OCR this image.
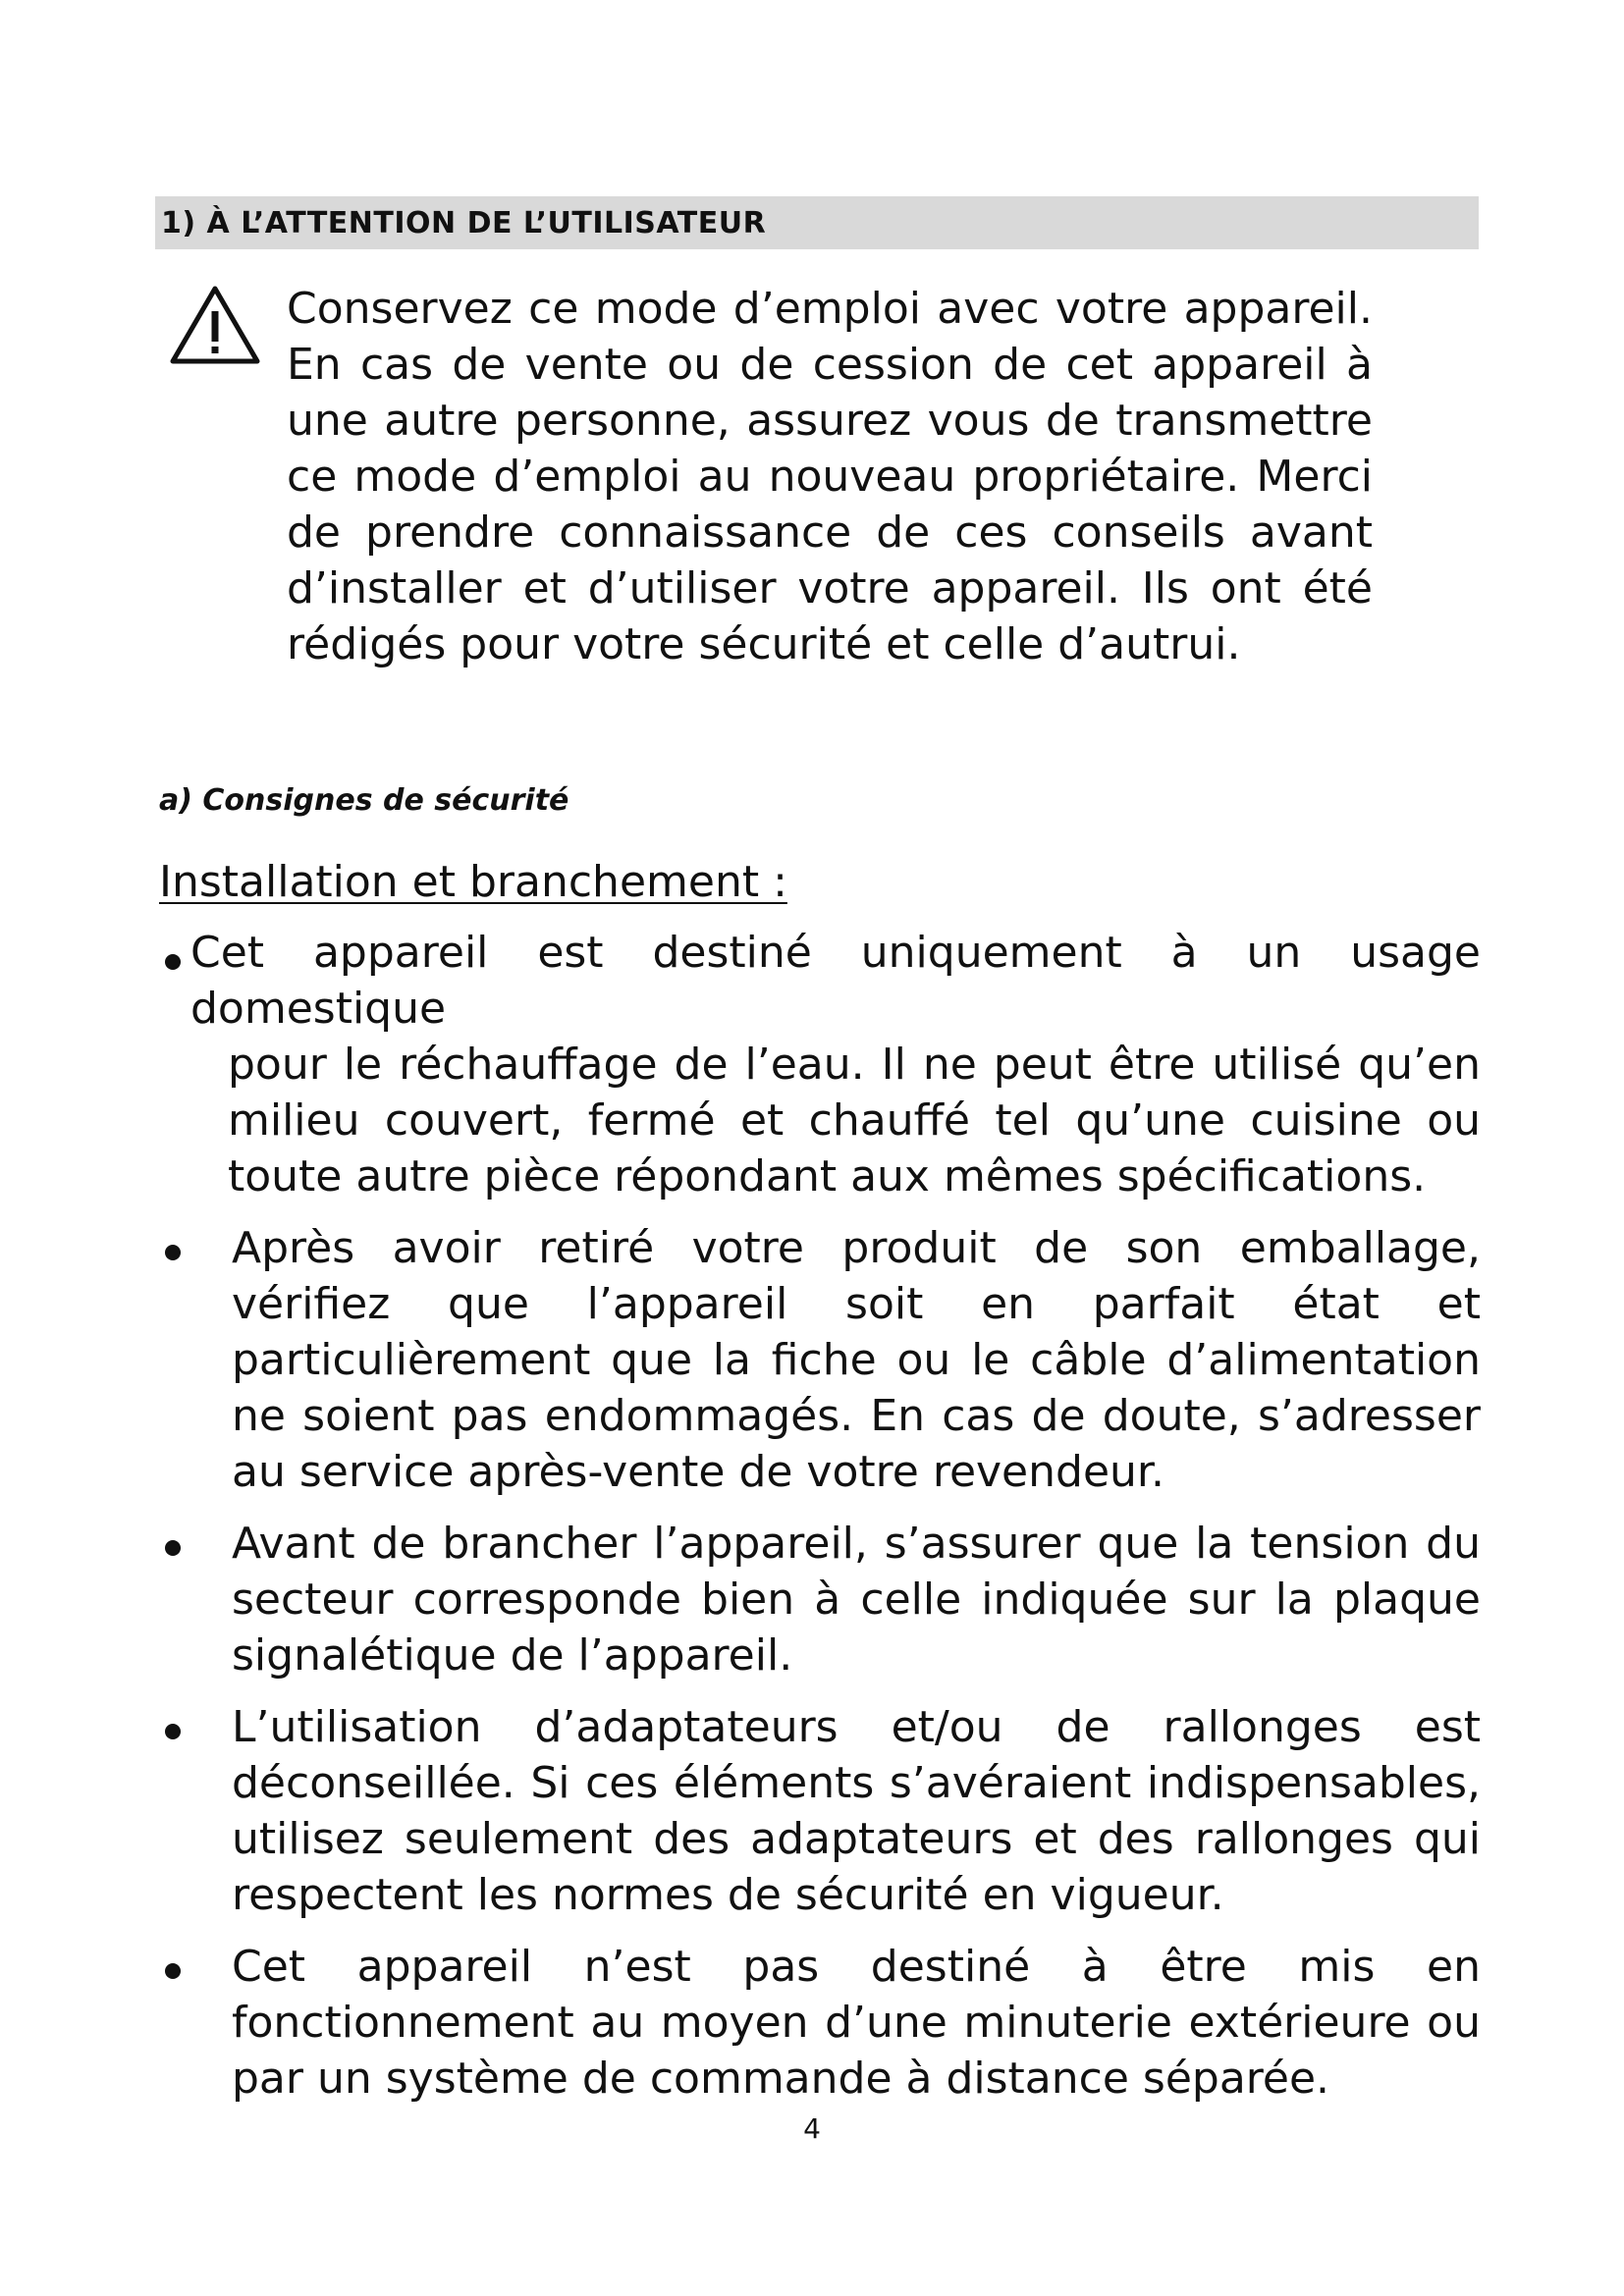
1) À L’ATTENTION DE L’UTILISATEUR
Conservez ce mode d’emploi avec votre appareil. En cas de vente ou de cession de cet appareil à une autre personne, assurez vous de transmettre ce mode d’emploi au nouveau propriétaire. Merci de prendre connaissance de ces conseils avant d’installer et d’utiliser votre appareil. Ils ont été rédigés pour votre sécurité et celle d’autrui.
a) Consignes de sécurité
Installation et branchement :
Cet appareil est destiné uniquement à un usage domestique
pour le réchauffage de l’eau. Il ne peut être utilisé qu’en milieu couvert, fermé et chauffé tel qu’une cuisine ou toute autre pièce répondant aux mêmes spécifications.
Après avoir retiré votre produit de son emballage, vérifiez que l’appareil soit en parfait état et particulièrement que la fiche ou le câble d’alimentation ne soient pas endommagés. En cas de doute, s’adresser au service après-vente de votre revendeur.
Avant de brancher l’appareil, s’assurer que la tension du secteur corresponde bien à celle indiquée sur la plaque signalétique de l’appareil.
L’utilisation d’adaptateurs et/ou de rallonges est déconseillée. Si ces éléments s’avéraient indispensables, utilisez seulement des adaptateurs et des rallonges qui respectent les normes de sécurité en vigueur.
Cet appareil n’est pas destiné à être mis en fonctionnement au moyen d’une minuterie extérieure ou par un système de commande à distance séparée.
4
